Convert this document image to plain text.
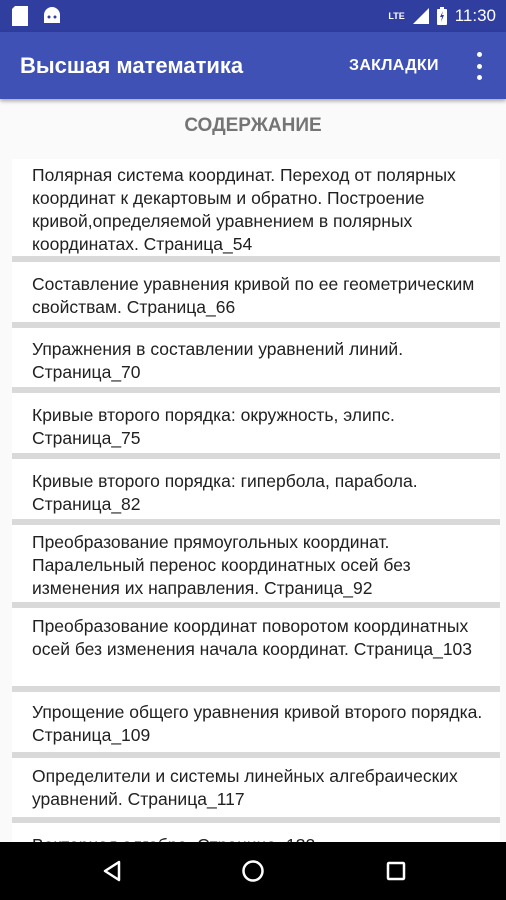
LTE	11:30
Высшая математика	ЗАКЛАДКИ
СОДЕРЖАНИЕ
Полярная система координат. Переход от полярных координат к декартовым и обратно. Построение кривой,определяемой уравнением в полярных координатах. Страница_54
Составление уравнения кривой по ее геометрическим свойствам. Страница_66
Упражнения в составлении уравнений линий. Страница_70
Кривые второго порядка: окружность, элипс. Страница_75
Кривые второго порядка: гипербола, парабола. Страница_82
Преобразование прямоугольных координат. Паралельный перенос координатных осей без изменения их направления. Страница_92
Преобразование координат поворотом координатных осей без изменения начала координат. Страница_103
Упрощение общего уравнения кривой второго порядка. Страница_109
Определители и системы линейных алгебраических уравнений. Страница_117
